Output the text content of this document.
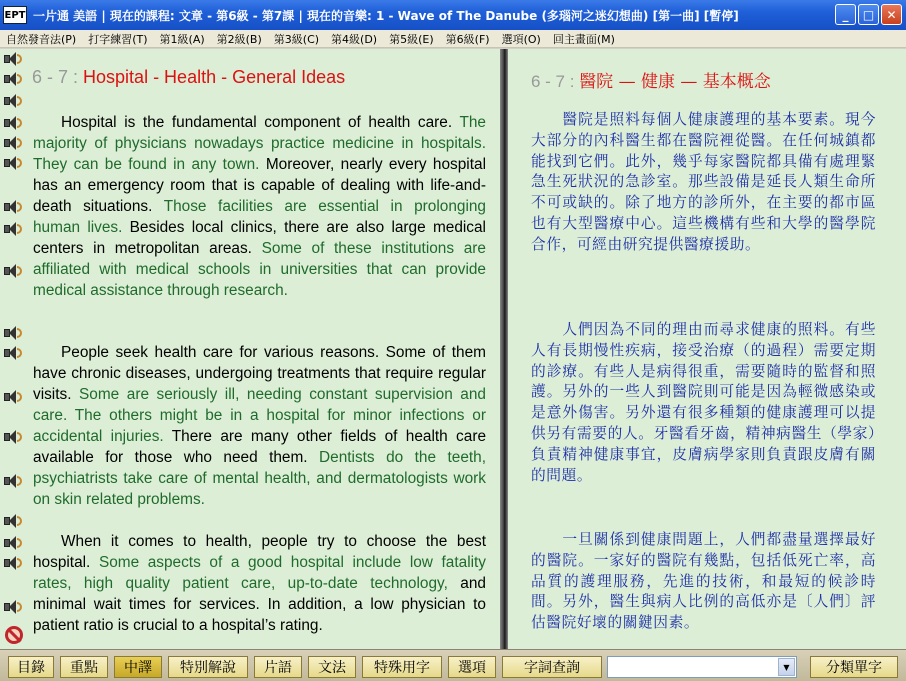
EPT 一片通 美語 | 現在的課程: 文章 - 第6級 - 第7課 | 現在的音樂: 1 - Wave of The Danube (多瑙河之迷幻想曲) [第一曲] [暫停]	_	□	✕
自然發音法(P)	打字練習(T)	第1級(A)	第2級(B)	第3級(C)	第4級(D)	第5級(E)	第6級(F)	選項(O)	回主畫面(M)
6 - 7 : Hospital - Health - General Ideas
Hospital is the fundamental component of health care. The majority of physicians nowadays practice medicine in hospitals. They can be found in any town. Moreover, nearly every hospital has an emergency room that is capable of dealing with life-and-death situations. Those facilities are essential in prolonging human lives. Besides local clinics, there are also large medical centers in metropolitan areas. Some of these institutions are affiliated with medical schools in universities that can provide medical assistance through research.
People seek health care for various reasons. Some of them have chronic diseases, undergoing treatments that require regular visits. Some are seriously ill, needing constant supervision and care. The others might be in a hospital for minor infections or accidental injuries. There are many other fields of health care available for those who need them. Dentists do the teeth, psychiatrists take care of mental health, and dermatologists work on skin related problems.
When it comes to health, people try to choose the best hospital. Some aspects of a good hospital include low fatality rates, high quality patient care, up-to-date technology, and minimal wait times for services. In addition, a low physician to patient ratio is crucial to a hospital’s rating.
6 - 7 : 醫院 — 健康 — 基本概念
　　醫院是照料每個人健康護理的基本要素。現今大部分的內科醫生都在醫院裡從醫。在任何城鎮都能找到它們。此外，幾乎每家醫院都具備有處理緊急生死狀況的急診室。那些設備是延長人類生命所不可或缺的。除了地方的診所外，在主要的都市區也有大型醫療中心。這些機構有些和大學的醫學院合作，可經由研究提供醫療援助。
　　人們因為不同的理由而尋求健康的照料。有些人有長期慢性疾病，接受治療（的過程）需要定期的診療。有些人是病得很重，需要隨時的監督和照護。另外的一些人到醫院則可能是因為輕微感染或是意外傷害。另外還有很多種類的健康護理可以提供另有需要的人。牙醫看牙齒，精神病醫生（學家）負責精神健康事宜，皮膚病學家則負責跟皮膚有關的問題。
　　一旦關係到健康問題上，人們都盡量選擇最好的醫院。一家好的醫院有幾點，包括低死亡率，高品質的護理服務，先進的技術，和最短的候診時間。另外，醫生與病人比例的高低亦是〔人們〕評估醫院好壞的關鍵因素。
目錄	重點	中譯	特別解說	片語	文法	特殊用字	選項	字詞查詢	▼	分類單字
